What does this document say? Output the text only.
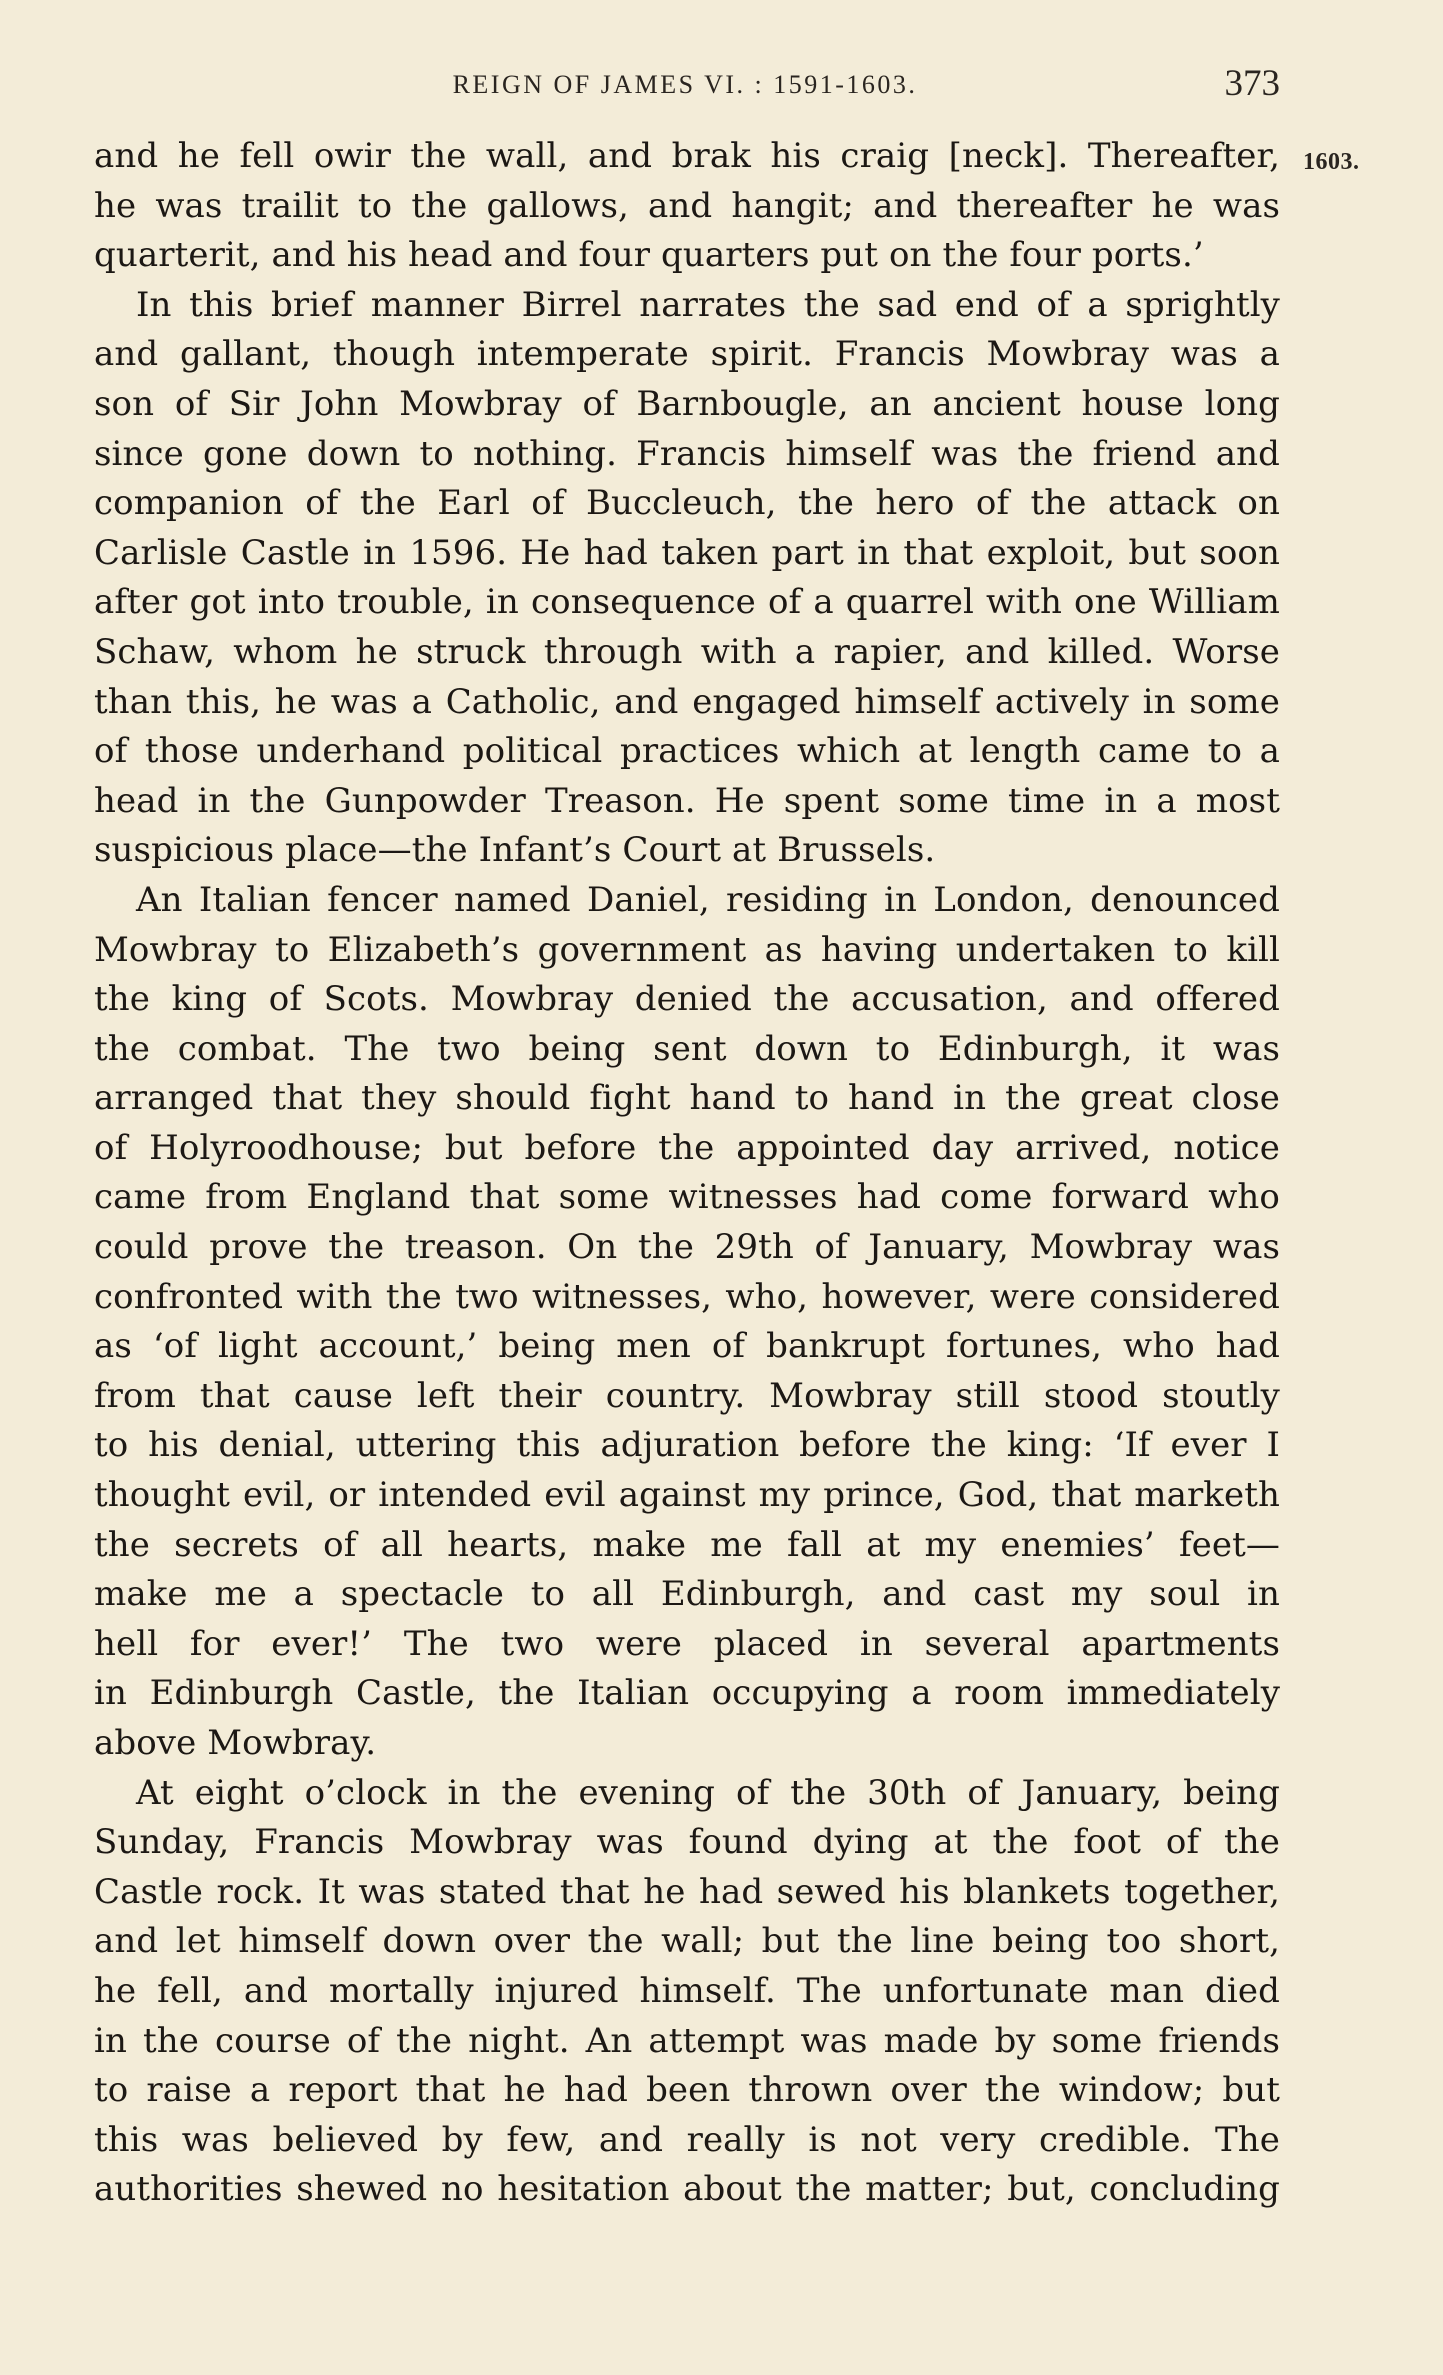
REIGN OF JAMES VI. : 1591-1603.	373
1603.
and he fell owir the wall, and brak his craig [neck]. Thereafter,
he was trailit to the gallows, and hangit; and thereafter he was
quarterit, and his head and four quarters put on the four ports.’
In this brief manner Birrel narrates the sad end of a sprightly
and gallant, though intemperate spirit. Francis Mowbray was a
son of Sir John Mowbray of Barnbougle, an ancient house long
since gone down to nothing. Francis himself was the friend and
companion of the Earl of Buccleuch, the hero of the attack on
Carlisle Castle in 1596. He had taken part in that exploit, but soon
after got into trouble, in consequence of a quarrel with one William
Schaw, whom he struck through with a rapier, and killed. Worse
than this, he was a Catholic, and engaged himself actively in some
of those underhand political practices which at length came to a
head in the Gunpowder Treason. He spent some time in a most
suspicious place—the Infant’s Court at Brussels.
An Italian fencer named Daniel, residing in London, denounced
Mowbray to Elizabeth’s government as having undertaken to kill
the king of Scots. Mowbray denied the accusation, and offered
the combat. The two being sent down to Edinburgh, it was
arranged that they should fight hand to hand in the great close
of Holyroodhouse; but before the appointed day arrived, notice
came from England that some witnesses had come forward who
could prove the treason. On the 29th of January, Mowbray was
confronted with the two witnesses, who, however, were considered
as ‘of light account,’ being men of bankrupt fortunes, who had
from that cause left their country. Mowbray still stood stoutly
to his denial, uttering this adjuration before the king: ‘If ever I
thought evil, or intended evil against my prince, God, that marketh
the secrets of all hearts, make me fall at my enemies’ feet—
make me a spectacle to all Edinburgh, and cast my soul in
hell for ever!’ The two were placed in several apartments
in Edinburgh Castle, the Italian occupying a room immediately
above Mowbray.
At eight o’clock in the evening of the 30th of January, being
Sunday, Francis Mowbray was found dying at the foot of the
Castle rock. It was stated that he had sewed his blankets together,
and let himself down over the wall; but the line being too short,
he fell, and mortally injured himself. The unfortunate man died
in the course of the night. An attempt was made by some friends
to raise a report that he had been thrown over the window; but
this was believed by few, and really is not very credible. The
authorities shewed no hesitation about the matter; but, concluding
